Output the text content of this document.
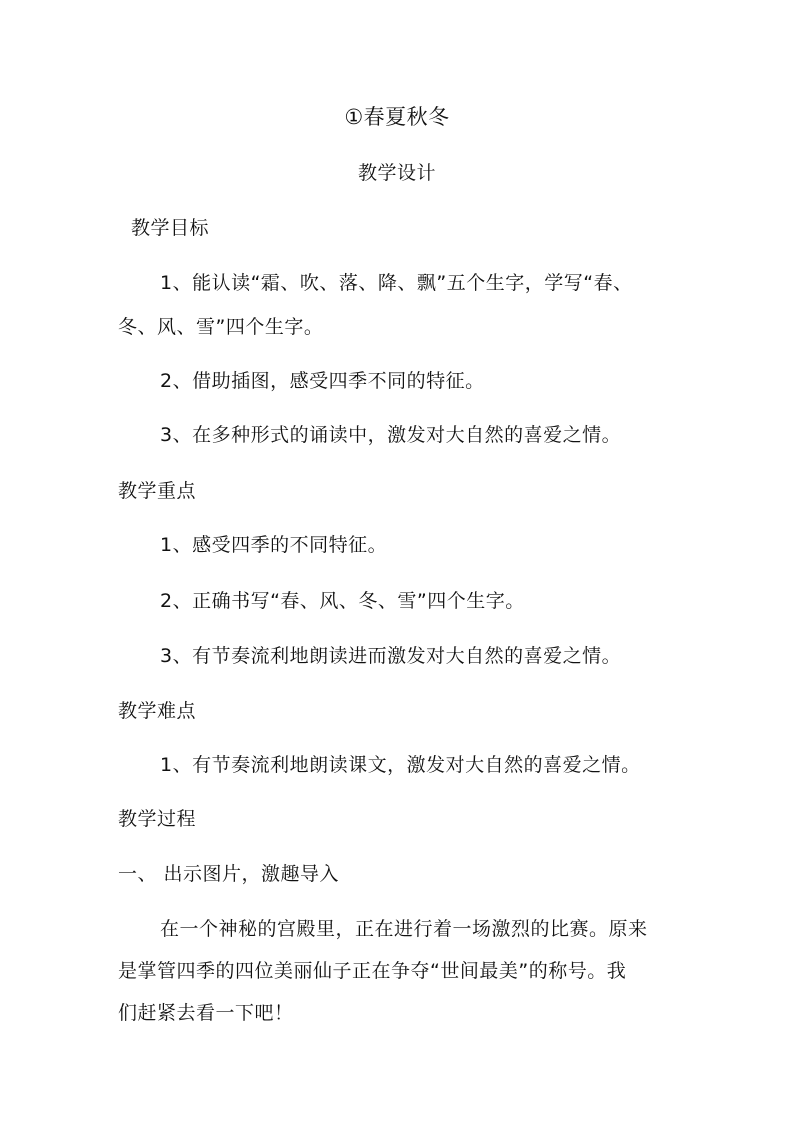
①春夏秋冬
教学设计
教学目标
1、能认读“霜、吹、落、降、飘”五个生字，学写“春、
冬、风、雪”四个生字。
2、借助插图，感受四季不同的特征。
3、在多种形式的诵读中，激发对大自然的喜爱之情。
教学重点
1、感受四季的不同特征。
2、正确书写“春、风、冬、雪”四个生字。
3、有节奏流利地朗读进而激发对大自然的喜爱之情。
教学难点
1、有节奏流利地朗读课文，激发对大自然的喜爱之情。
教学过程
一、 出示图片，激趣导入
在一个神秘的宫殿里，正在进行着一场激烈的比赛。原来
是掌管四季的四位美丽仙子正在争夺“世间最美”的称号。我
们赶紧去看一下吧！
